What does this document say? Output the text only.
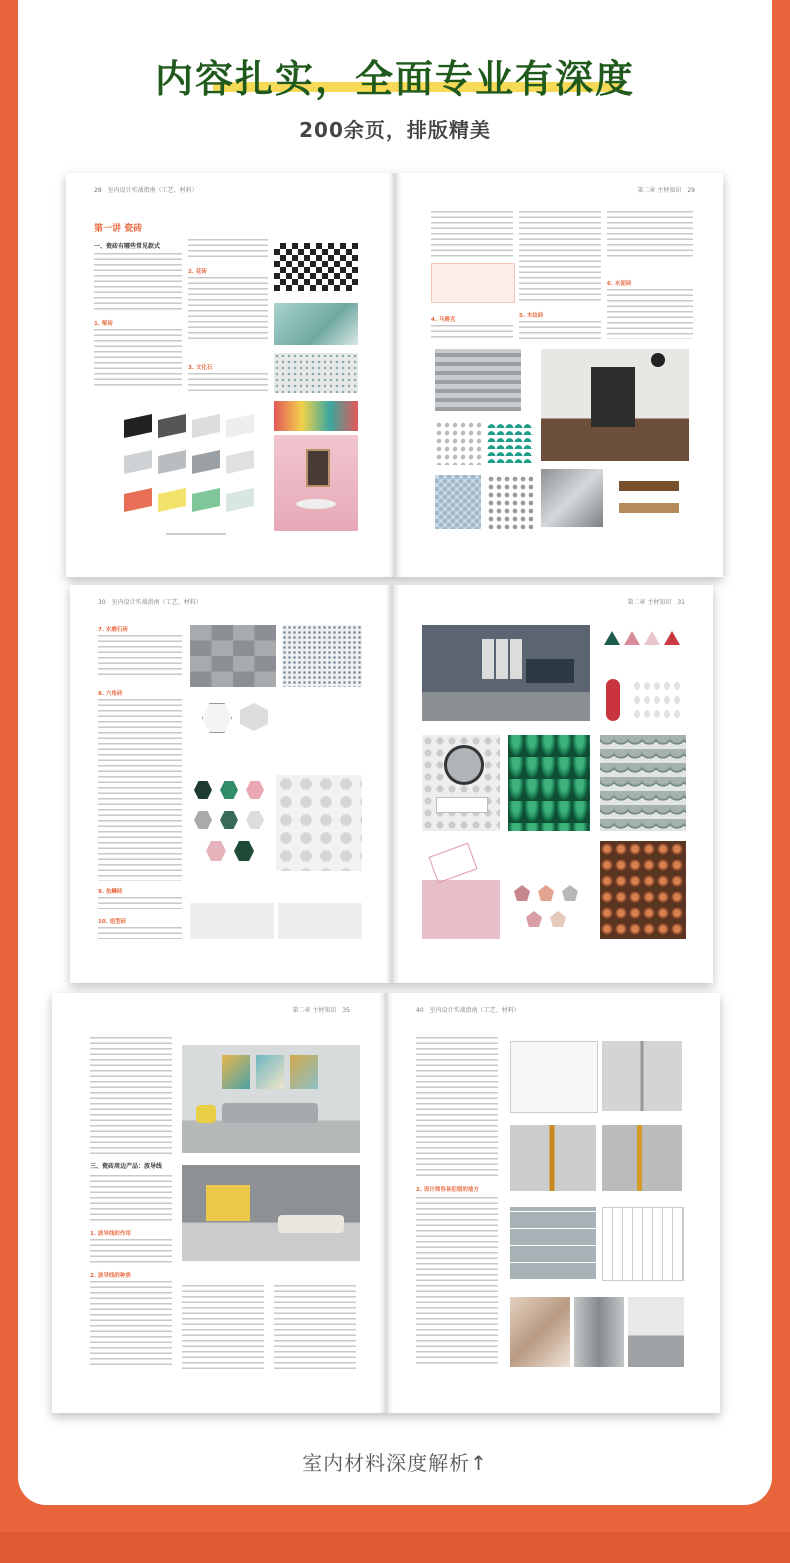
内容扎实，全面专业有深度
200余页，排版精美
28　 室内设计实战指南（工艺、材料）
第一讲 瓷砖
一、瓷砖有哪些常见款式
1. 哑砖
2. 花砖
3. 文化石
第二章 主材知识　 29
4. 马赛克
5. 木纹砖
6. 水泥砖
30　 室内设计实战指南（工艺、材料）
7. 水磨石砖
8. 六角砖
9. 鱼鳞砖
10. 造型砖
第二章 主材知识　 31
第二章 主材知识　 35
三、瓷砖周边产品：波导线
1. 波导线的作用
2. 波导线的种类
40　 室内设计实战指南（工艺、材料）
2. 设计师容易犯错的地方
室内材料深度解析↑
